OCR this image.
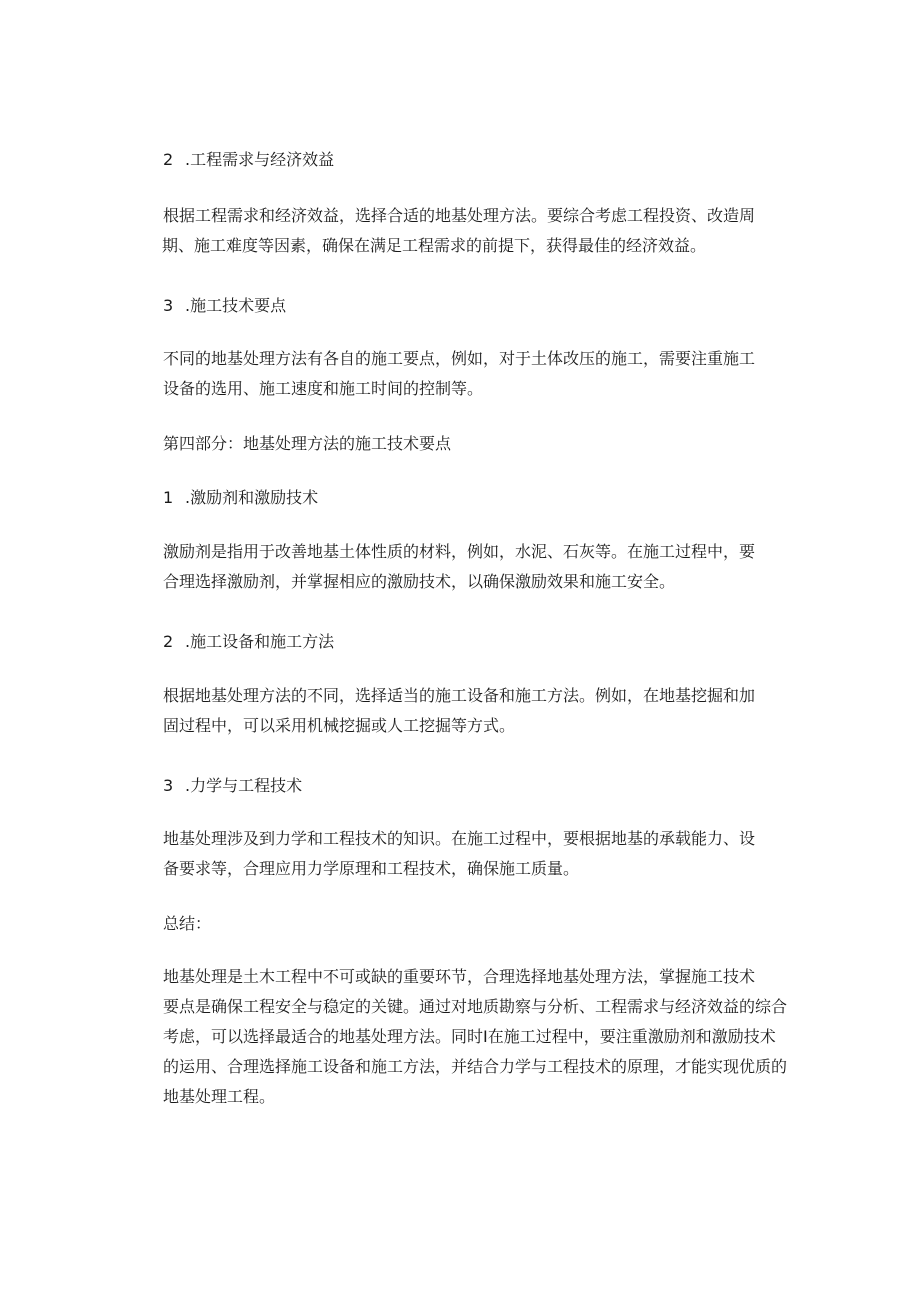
2 .工程需求与经济效益
根据工程需求和经济效益，选择合适的地基处理方法。要综合考虑工程投资、改造周
期、施工难度等因素，确保在满足工程需求的前提下，获得最佳的经济效益。
3 .施工技术要点
不同的地基处理方法有各自的施工要点，例如，对于土体改压的施工，需要注重施工
设备的选用、施工速度和施工时间的控制等。
第四部分：地基处理方法的施工技术要点
1 .激励剂和激励技术
激励剂是指用于改善地基土体性质的材料，例如，水泥、石灰等。在施工过程中，要
合理选择激励剂，并掌握相应的激励技术，以确保激励效果和施工安全。
2 .施工设备和施工方法
根据地基处理方法的不同，选择适当的施工设备和施工方法。例如，在地基挖掘和加
固过程中，可以采用机械挖掘或人工挖掘等方式。
3 .力学与工程技术
地基处理涉及到力学和工程技术的知识。在施工过程中，要根据地基的承载能力、设
备要求等，合理应用力学原理和工程技术，确保施工质量。
总结：
地基处理是土木工程中不可或缺的重要环节，合理选择地基处理方法，掌握施工技术
要点是确保工程安全与稳定的关键。通过对地质勘察与分析、工程需求与经济效益的综合
考虑，可以选择最适合的地基处理方法。同时I在施工过程中，要注重激励剂和激励技术
的运用、合理选择施工设备和施工方法，并结合力学与工程技术的原理，才能实现优质的
地基处理工程。
